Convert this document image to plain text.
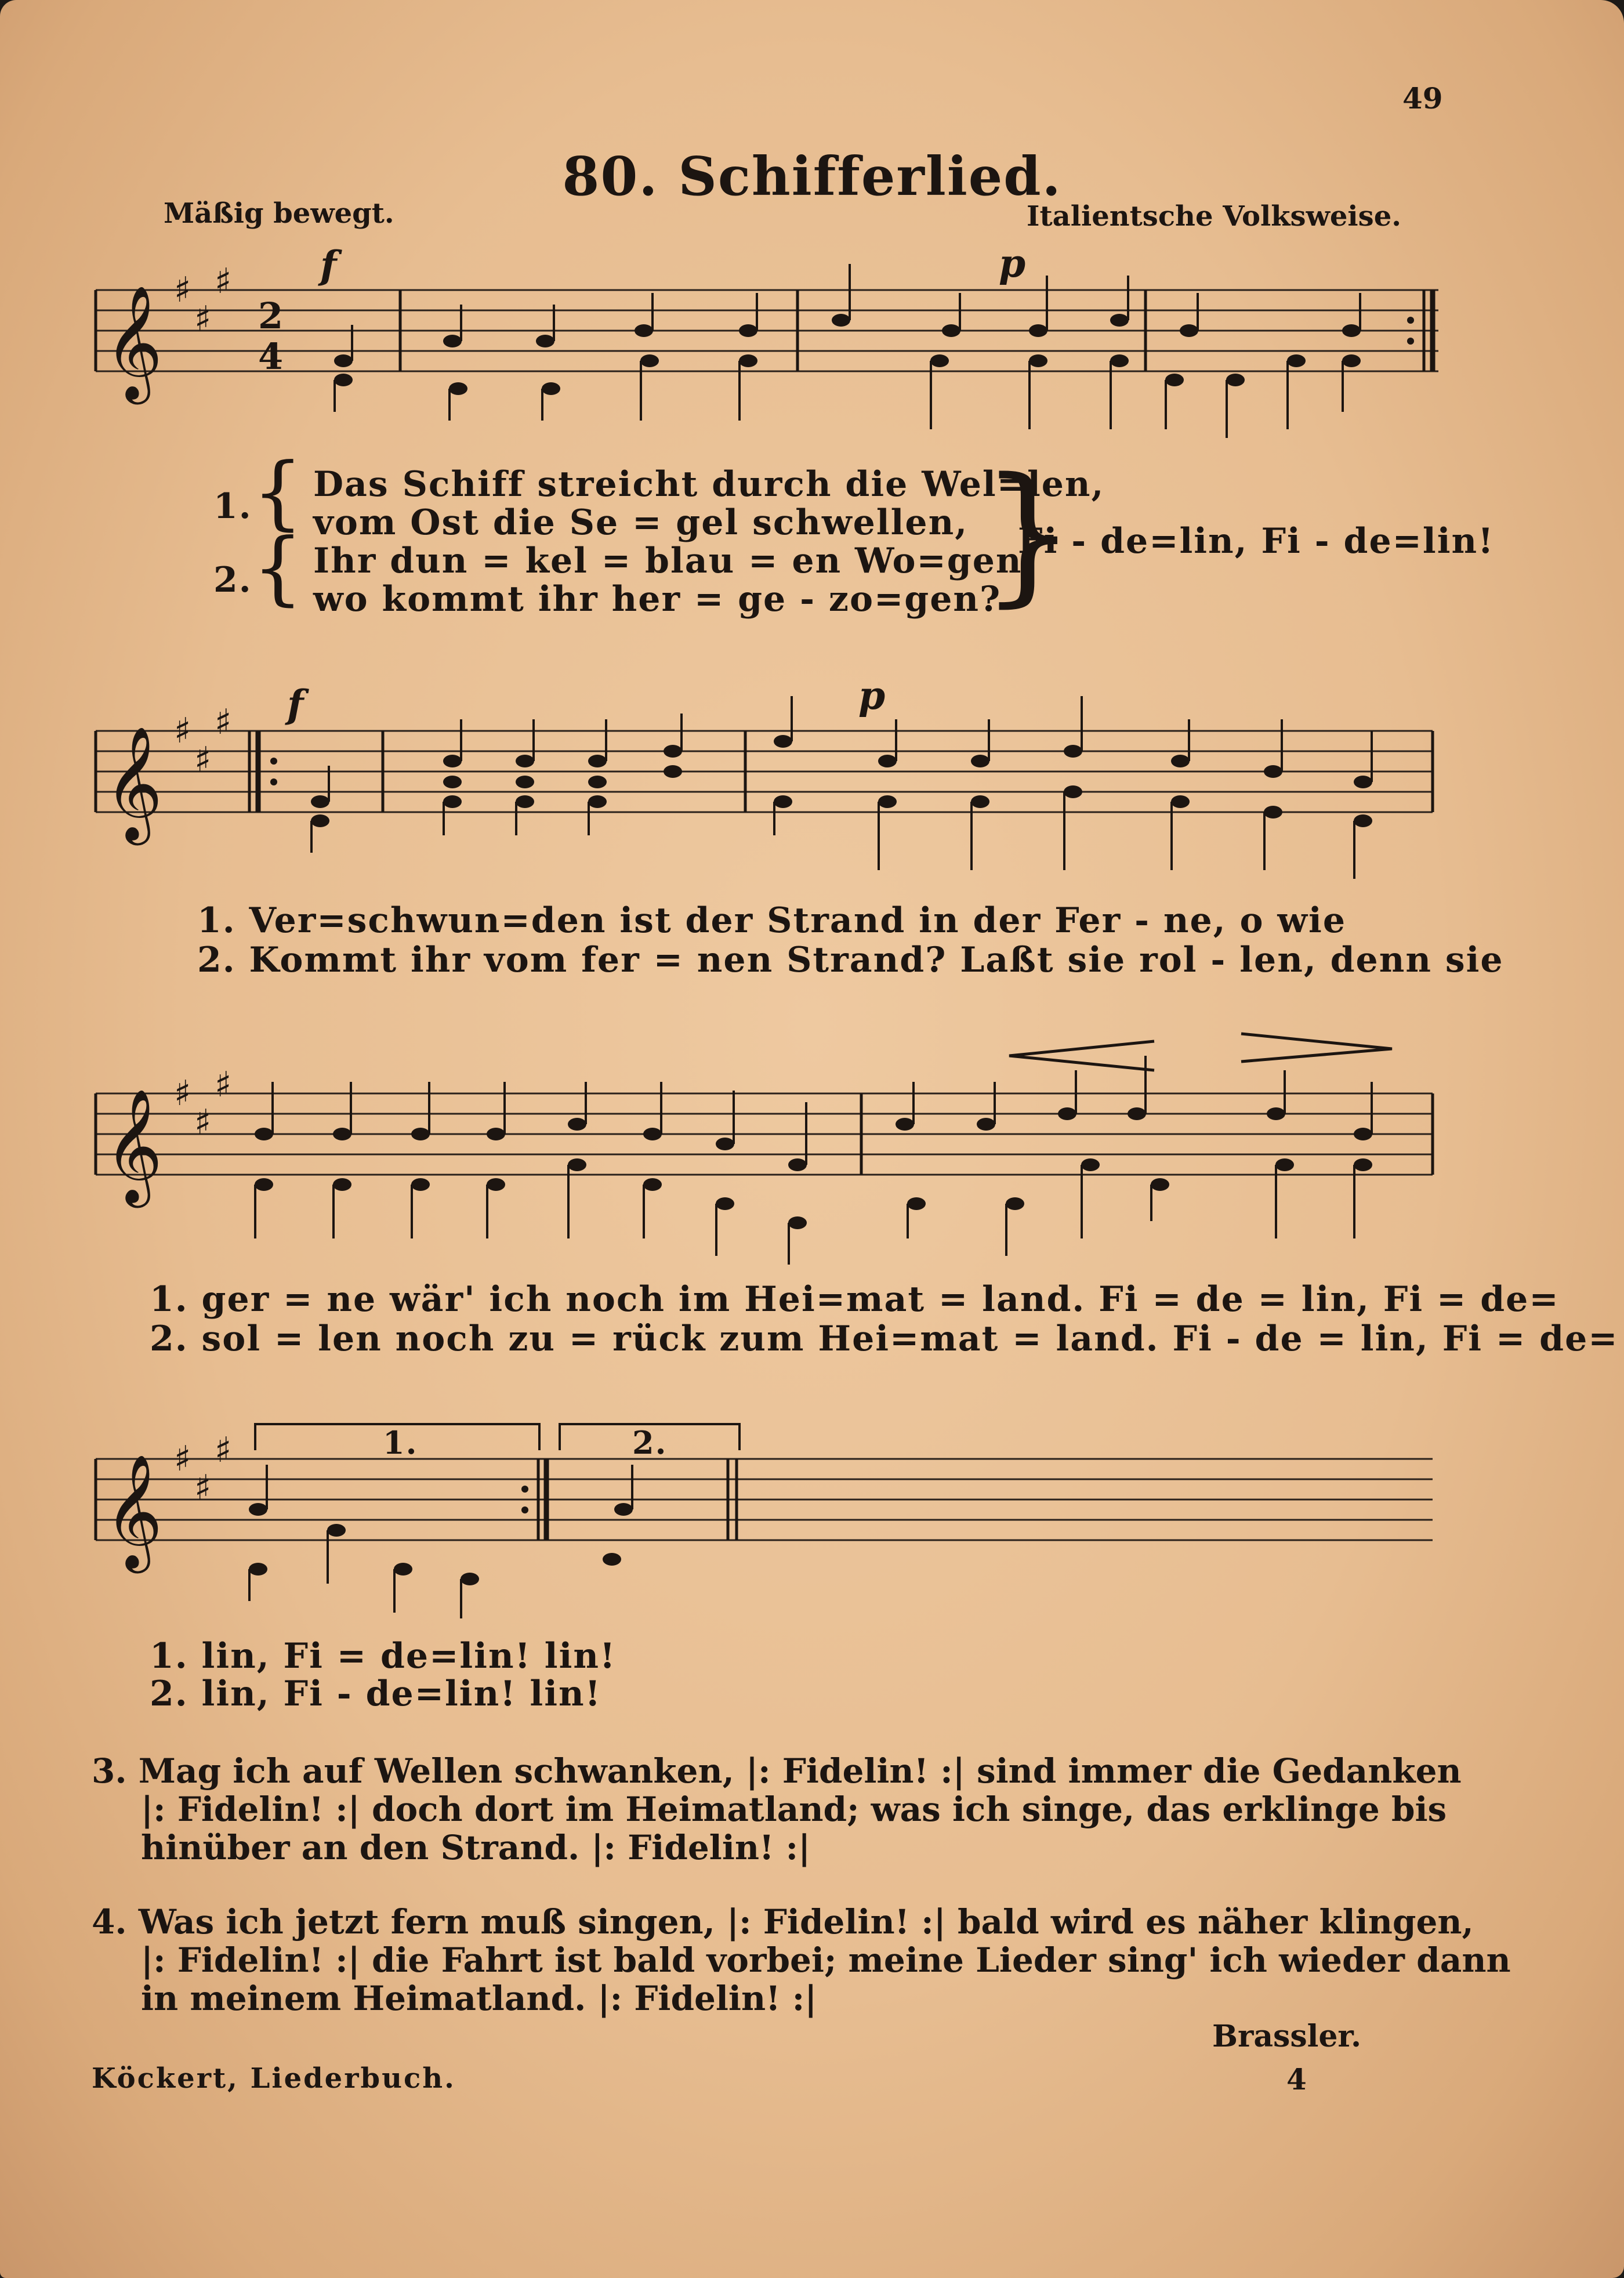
49
80. Schifferlied.
Mäßig bewegt.	Italientsche Volksweise.
𝄞 ♯
♯
♯
2
4
f	p
1.
2.
{
{
Das Schiff streicht durch die Wel=len,
vom Ost die Se = gel schwellen,
Ihr dun = kel = blau = en Wo=gen,
wo kommt ihr her = ge - zo=gen?
}
Fi - de=lin, Fi - de=lin!
𝄞 ♯
♯
♯ f	p
1. Ver=schwun=den ist der Strand in der Fer - ne, o wie
2. Kommt ihr vom fer = nen Strand? Laßt sie rol - len, denn sie
𝄞 ♯
♯
♯
1. ger = ne wär' ich noch im Hei=mat = land. Fi = de = lin, Fi = de=
2. sol = len noch zu = rück zum Hei=mat = land. Fi - de = lin, Fi = de=
𝄞 ♯
♯
♯	1.	2.
1. lin, Fi = de=lin! lin!
2. lin, Fi - de=lin! lin!
3. Mag ich auf Wellen schwanken, |: Fidelin! :| sind immer die Gedanken
|: Fidelin! :| doch dort im Heimatland; was ich singe, das erklinge bis
hinüber an den Strand. |: Fidelin! :|
4. Was ich jetzt fern muß singen, |: Fidelin! :| bald wird es näher klingen,
|: Fidelin! :| die Fahrt ist bald vorbei; meine Lieder sing' ich wieder dann
in meinem Heimatland. |: Fidelin! :|
Brassler.
Köckert, Liederbuch.	4
